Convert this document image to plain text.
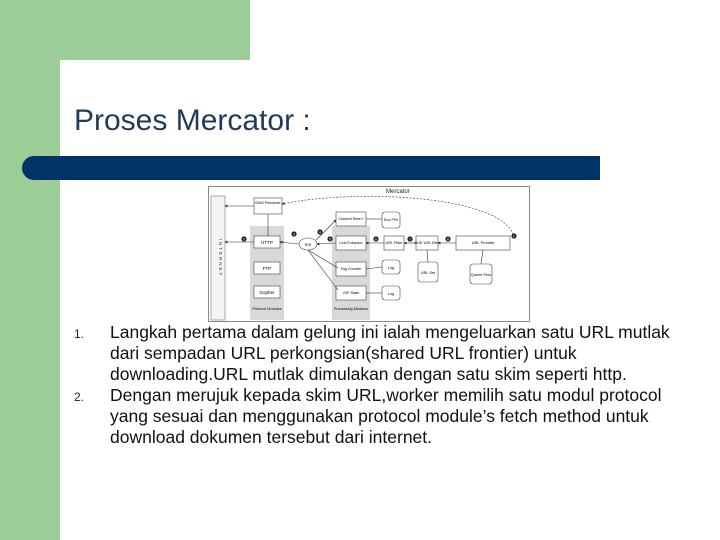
Proses Mercator :
Mercator
INTERNET
DNS Resolver
HTTP
FTP
Gopher
Protocol Modules
RIS	Link Extractor
Tag Counter
GIF Stats
Processing Modules
Content Seen?	Doc FPs
URL Filter	DUE URL Elim	URL Frontier
Log
Log
URL Set	Queue Files
1
2
3	4
5	6	7	8
1. Langkah pertama dalam gelung ini ialah mengeluarkan satu URL mutlak dari sempadan URL perkongsian(shared URL frontier) untuk downloading.URL mutlak dimulakan dengan satu skim seperti http.
2. Dengan merujuk kepada skim URL,worker memilih satu modul protocol yang sesuai dan menggunakan protocol module’s fetch method untuk download dokumen tersebut dari internet.
